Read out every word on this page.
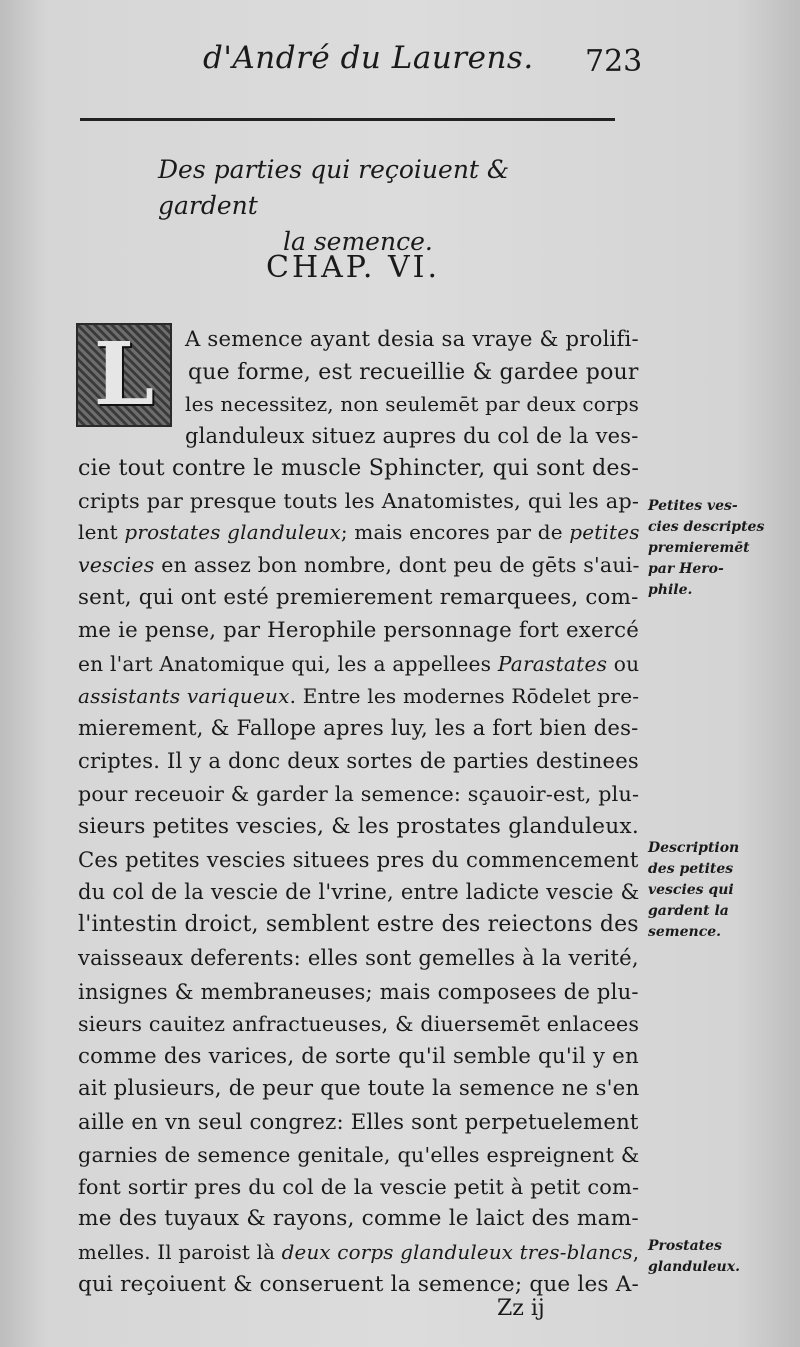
d'André du Laurens. 723
Des parties qui reçoiuent & gardent
la semence.
CHAP. VI.
L A semence ayant desia sa vraye & prolifi-
que forme, est recueillie & gardee pour
les necessitez, non seulemēt par deux corps
glanduleux situez aupres du col de la ves-
cie tout contre le muscle Sphincter, qui sont des-
cripts par presque touts les Anatomistes, qui les ap-
lent prostates glanduleux; mais encores par de petites
vescies en assez bon nombre, dont peu de gēts s'aui-
sent, qui ont esté premierement remarquees, com-
me ie pense, par Herophile personnage fort exercé
en l'art Anatomique qui, les a appellees Parastates ou
assistants variqueux. Entre les modernes Rōdelet pre-
mierement, & Fallope apres luy, les a fort bien des-
criptes. Il y a donc deux sortes de parties destinees
pour receuoir & garder la semence: sçauoir-est, plu-
sieurs petites vescies, & les prostates glanduleux.
Ces petites vescies situees pres du commencement
du col de la vescie de l'vrine, entre ladicte vescie &
l'intestin droict, semblent estre des reiectons des
vaisseaux deferents: elles sont gemelles à la verité,
insignes & membraneuses; mais composees de plu-
sieurs cauitez anfractueuses, & diuersemēt enlacees
comme des varices, de sorte qu'il semble qu'il y en
ait plusieurs, de peur que toute la semence ne s'en
aille en vn seul congrez: Elles sont perpetuelement
garnies de semence genitale, qu'elles espreignent &
font sortir pres du col de la vescie petit à petit com-
me des tuyaux & rayons, comme le laict des mam-
melles. Il paroist là deux corps glanduleux tres-blancs,
qui reçoiuent & conseruent la semence; que les A-
Petites ves-
cies descriptes
premieremēt
par Hero-
phile.
Description
des petites
vescies qui
gardent la
semence.
Prostates
glanduleux.
Zz ij
